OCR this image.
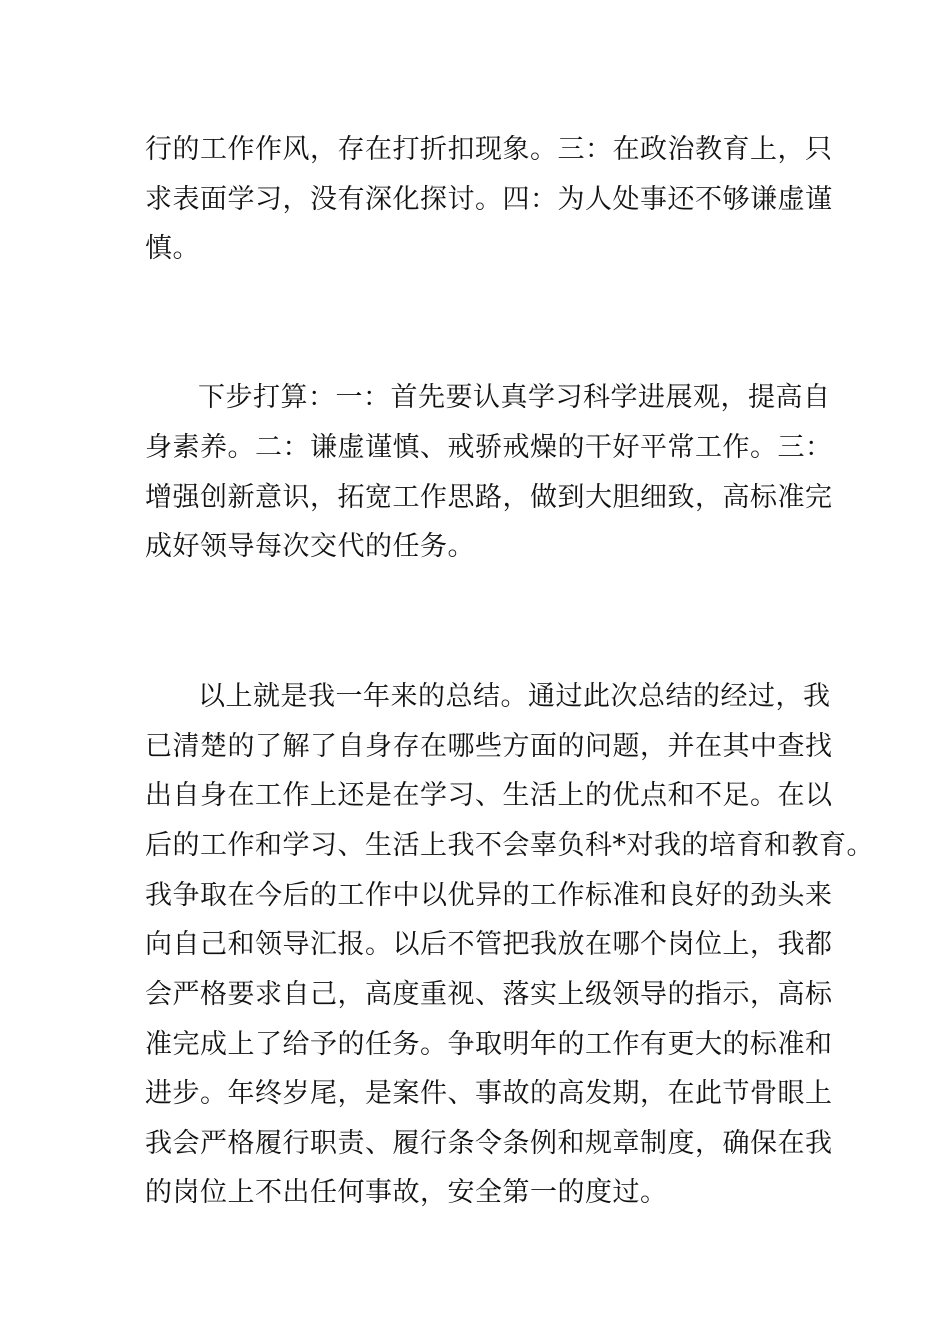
行的工作作风，存在打折扣现象。三：在政治教育上，只
求表面学习，没有深化探讨。四：为人处事还不够谦虚谨
慎。
下步打算：一：首先要认真学习科学进展观，提高自
身素养。二：谦虚谨慎、戒骄戒燥的干好平常工作。三：
增强创新意识，拓宽工作思路，做到大胆细致，高标准完
成好领导每次交代的任务。
以上就是我一年来的总结。通过此次总结的经过，我
已清楚的了解了自身存在哪些方面的问题，并在其中查找
出自身在工作上还是在学习、生活上的优点和不足。在以
后的工作和学习、生活上我不会辜负科*对我的培育和教育。
我争取在今后的工作中以优异的工作标准和良好的劲头来
向自己和领导汇报。以后不管把我放在哪个岗位上，我都
会严格要求自己，高度重视、落实上级领导的指示，高标
准完成上了给予的任务。争取明年的工作有更大的标准和
进步。年终岁尾，是案件、事故的高发期，在此节骨眼上
我会严格履行职责、履行条令条例和规章制度，确保在我
的岗位上不出任何事故，安全第一的度过。
